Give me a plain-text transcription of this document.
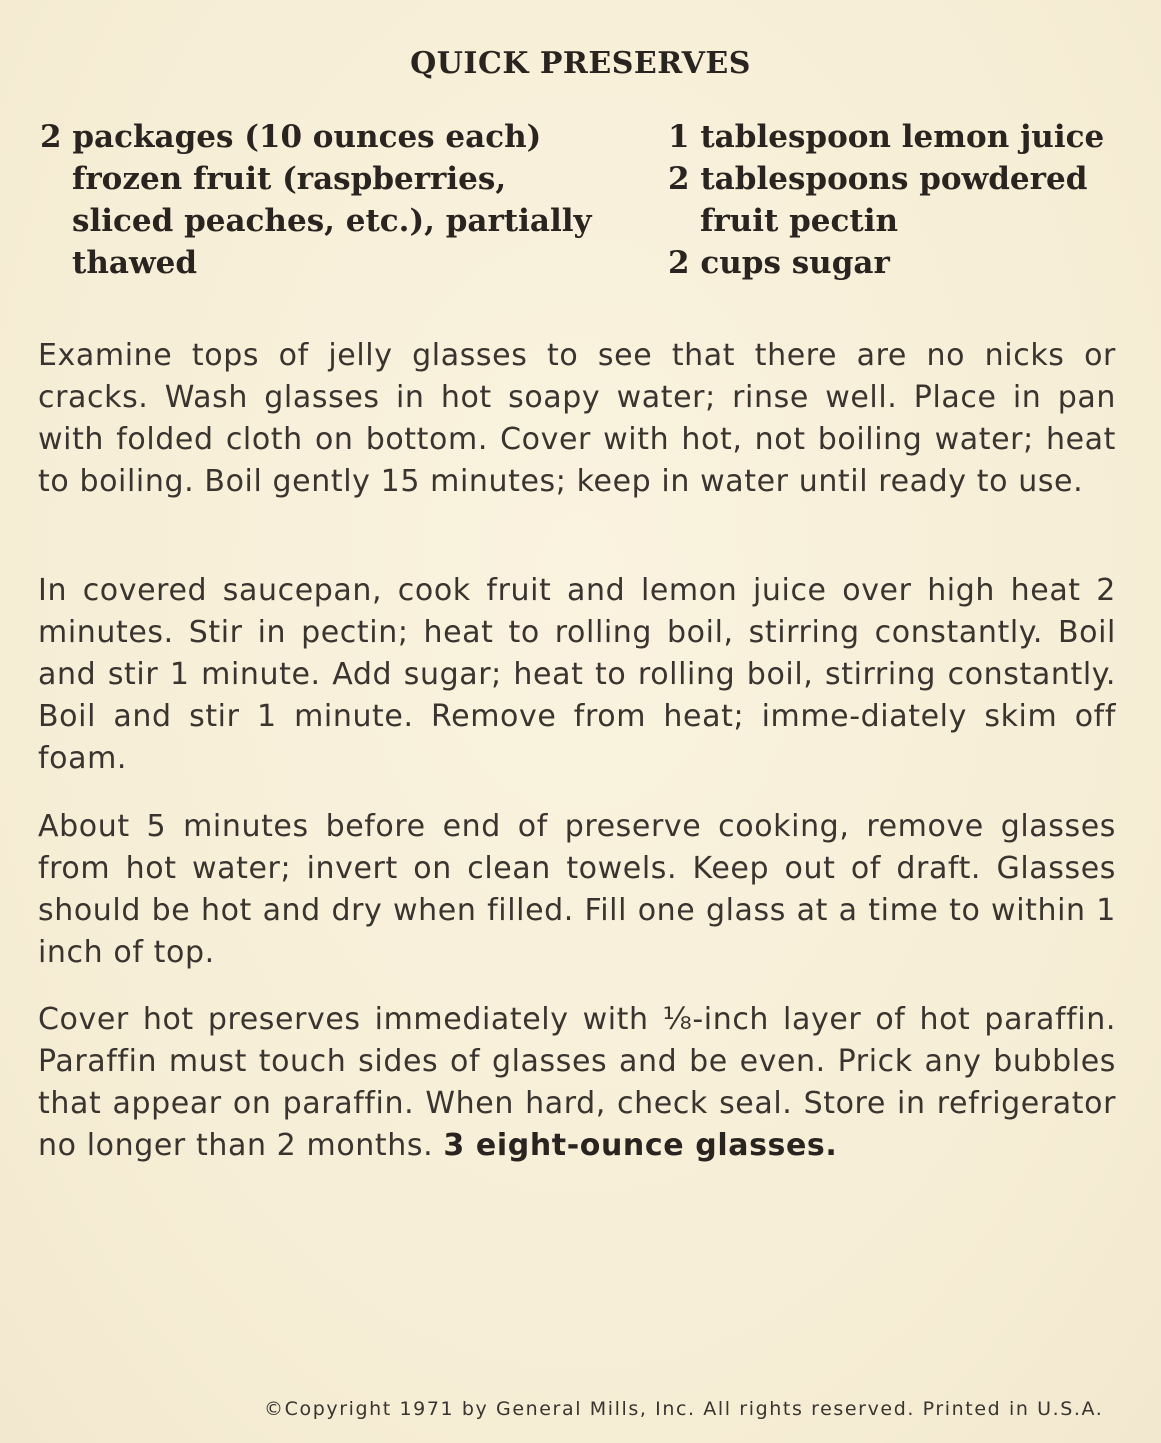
QUICK PRESERVES

2 packages (10 ounces each) frozen fruit (raspberries, sliced peaches, etc.), partially thawed

1 tablespoon lemon juice

2 tablespoons powdered fruit pectin

2 cups sugar

Examine tops of jelly glasses to see that there are no nicks or cracks. Wash glasses in hot soapy water; rinse well. Place in pan with folded cloth on bottom. Cover with hot, not boiling water; heat to boiling. Boil gently 15 minutes; keep in water until ready to use.

In covered saucepan, cook fruit and lemon juice over high heat 2 minutes. Stir in pectin; heat to rolling boil, stirring constantly. Boil and stir 1 minute. Add sugar; heat to rolling boil, stirring constantly. Boil and stir 1 minute. Remove from heat; imme-diately skim off foam.

About 5 minutes before end of preserve cooking, remove glasses from hot water; invert on clean towels. Keep out of draft. Glasses should be hot and dry when filled. Fill one glass at a time to within 1 inch of top.

Cover hot preserves immediately with ⅛-inch layer of hot paraffin. Paraffin must touch sides of glasses and be even. Prick any bubbles that appear on paraffin. When hard, check seal. Store in refrigerator no longer than 2 months. 3 eight-ounce glasses.

©Copyright 1971 by General Mills, Inc. All rights reserved. Printed in U.S.A.
